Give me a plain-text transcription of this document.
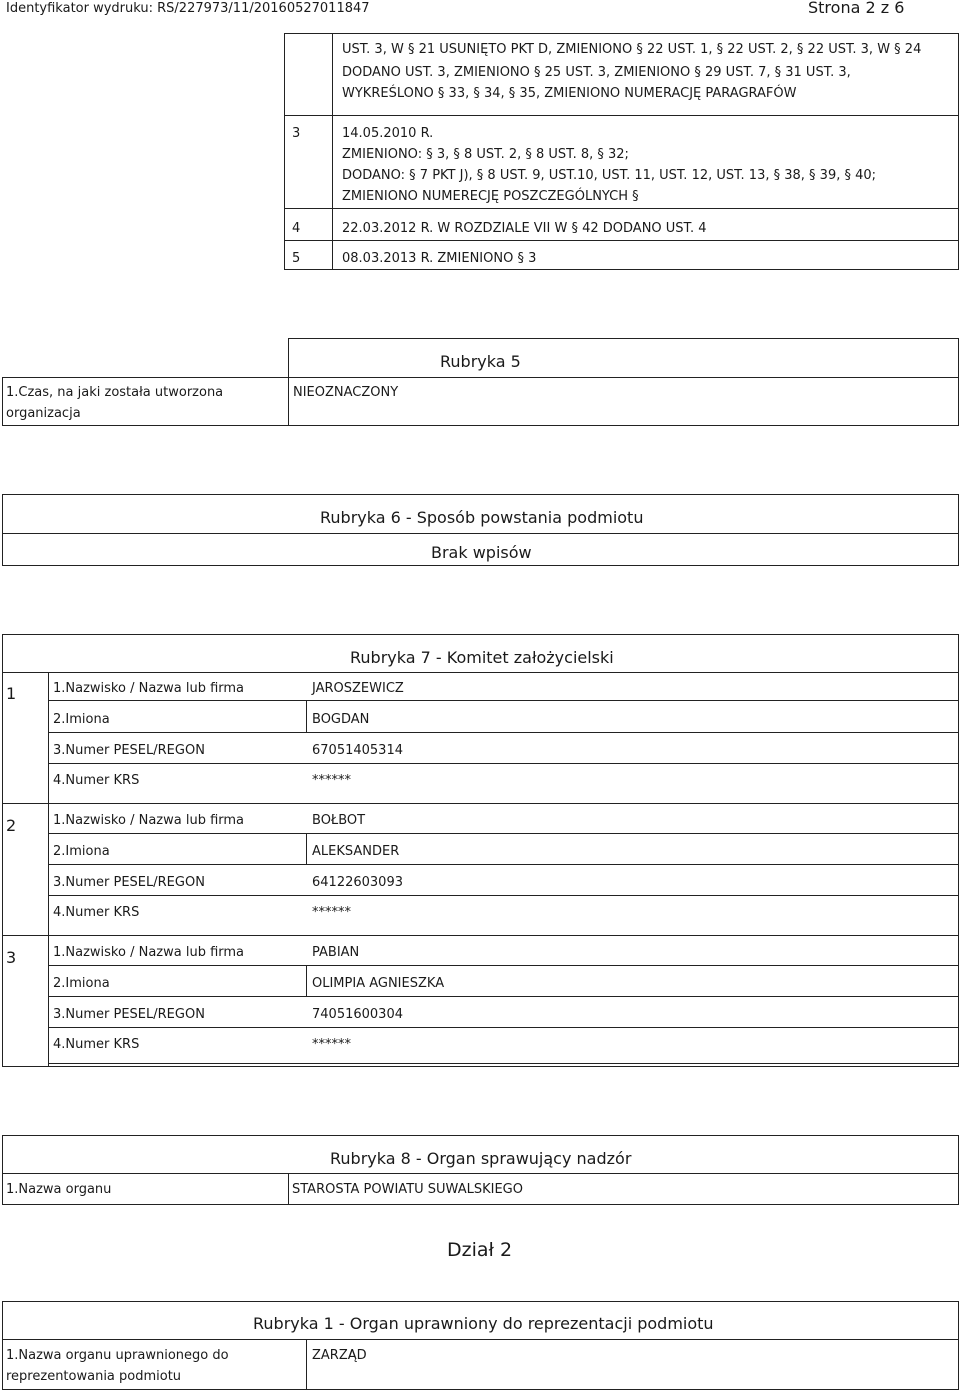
Identyfikator wydruku: RS/227973/11/20160527011847	Strona 2 z 6
UST. 3, W § 21 USUNIĘTO PKT D, ZMIENIONO § 22 UST. 1, § 22 UST. 2, § 22 UST. 3, W § 24
DODANO UST. 3, ZMIENIONO § 25 UST. 3, ZMIENIONO § 29 UST. 7, § 31 UST. 3,
WYKREŚLONO § 33, § 34, § 35, ZMIENIONO NUMERACJĘ PARAGRAFÓW
3	14.05.2010 R.
ZMIENIONO: § 3, § 8 UST. 2, § 8 UST. 8, § 32;
DODANO: § 7 PKT J), § 8 UST. 9, UST.10, UST. 11, UST. 12, UST. 13, § 38, § 39, § 40;
ZMIENIONO NUMERECJĘ POSZCZEGÓLNYCH §
4	22.03.2012 R. W ROZDZIALE VII W § 42 DODANO UST. 4
5	08.03.2013 R. ZMIENIONO § 3
Rubryka 5
1.Czas, na jaki została utworzona
organizacja
NIEOZNACZONY
Rubryka 6 - Sposób powstania podmiotu
Brak wpisów
Rubryka 7 - Komitet założycielski
1	1.Nazwisko / Nazwa lub firma	JAROSZEWICZ
2.Imiona	BOGDAN
3.Numer PESEL/REGON	67051405314
4.Numer KRS	******
2	1.Nazwisko / Nazwa lub firma	BOŁBOT
2.Imiona	ALEKSANDER
3.Numer PESEL/REGON	64122603093
4.Numer KRS	******
3	1.Nazwisko / Nazwa lub firma	PABIAN
2.Imiona	OLIMPIA AGNIESZKA
3.Numer PESEL/REGON	74051600304
4.Numer KRS	******
Rubryka 8 - Organ sprawujący nadzór
1.Nazwa organu	STAROSTA POWIATU SUWALSKIEGO
Dział 2
Rubryka 1 - Organ uprawniony do reprezentacji podmiotu
1.Nazwa organu uprawnionego do
reprezentowania podmiotu
ZARZĄD
